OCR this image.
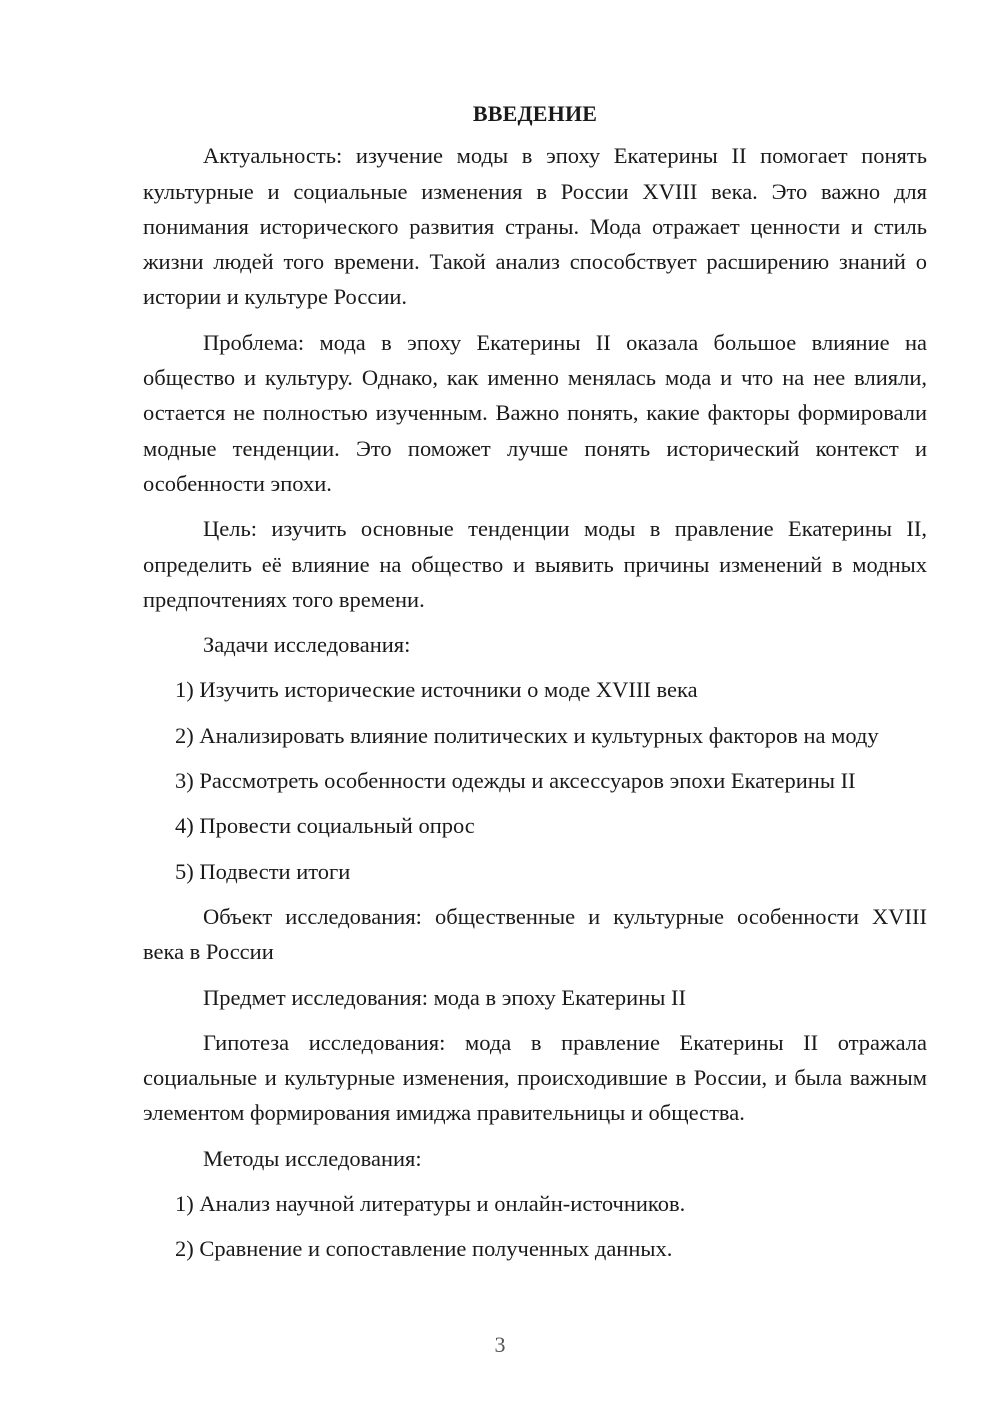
ВВЕДЕНИЕ

Актуальность: изучение моды в эпоху Екатерины II помогает понять культурные и социальные изменения в России XVIII века. Это важно для понимания исторического развития страны. Мода отражает ценности и стиль жизни людей того времени. Такой анализ способствует расширению знаний о истории и культуре России.

Проблема: мода в эпоху Екатерины II оказала большое влияние на общество и культуру. Однако, как именно менялась мода и что на нее влияли, остается не полностью изученным. Важно понять, какие факторы формировали модные тенденции. Это поможет лучше понять исторический контекст и особенности эпохи.

Цель: изучить основные тенденции моды в правление Екатерины II, определить её влияние на общество и выявить причины изменений в модных предпочтениях того времени.

Задачи исследования:

1) Изучить исторические источники о моде XVIII века

2) Анализировать влияние политических и культурных факторов на моду

3) Рассмотреть особенности одежды и аксессуаров эпохи Екатерины II

4) Провести социальный опрос

5) Подвести итоги

Объект исследования: общественные и культурные особенности XVIII века в России

Предмет исследования: мода в эпоху Екатерины II

Гипотеза исследования: мода в правление Екатерины II отражала социальные и культурные изменения, происходившие в России, и была важным элементом формирования имиджа правительницы и общества.

Методы исследования:

1) Анализ научной литературы и онлайн-источников.

2) Сравнение и сопоставление полученных данных.

3
